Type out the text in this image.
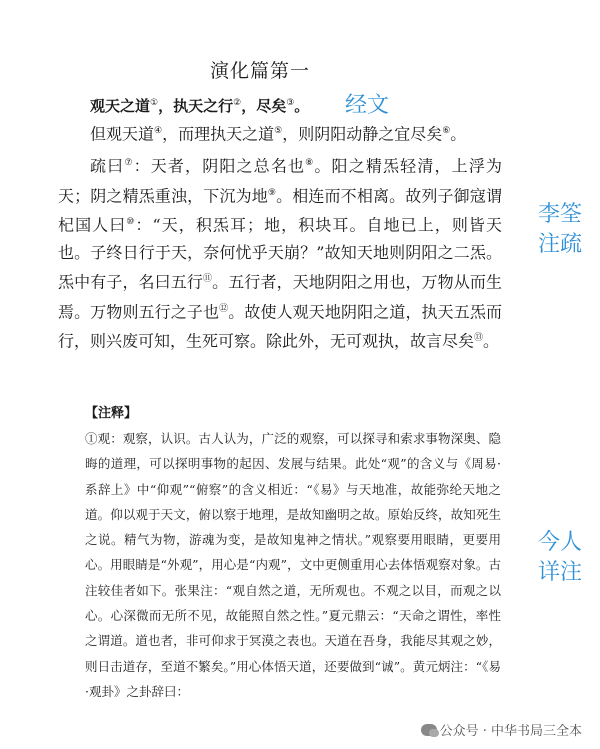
演化篇第一
观天之道①，执天之行②，尽矣③。 经文
但观天道④，而理执天之道⑤，则阴阳动静之宜尽矣⑥。
疏曰⑦：天者，阴阳之总名也⑧。阳之精炁轻清，上浮为天；阴之精炁重浊，下沉为地⑨。相连而不相离。故列子御寇谓杞国人曰⑩：“天，积炁耳；地，积块耳。自地已上，则皆天也。子终日行于天，奈何忧乎天崩？”故知天地则阴阳之二炁。炁中有子，名曰五行⑪。五行者，天地阴阳之用也，万物从而生焉。万物则五行之子也⑫。故使人观天地阴阳之道，执天五炁而行，则兴废可知，生死可察。除此外，无可观执，故言尽矣⑬。
李筌
注疏
【注释】
①观：观察，认识。古人认为，广泛的观察，可以探寻和索求事物深奥、隐晦的道理，可以探明事物的起因、发展与结果。此处“观”的含义与《周易·系辞上》中“仰观”“俯察”的含义相近：“《易》与天地准，故能弥纶天地之道。仰以观于天文，俯以察于地理，是故知幽明之故。原始反终，故知死生之说。精气为物，游魂为变，是故知鬼神之情状。”观察要用眼睛，更要用心。用眼睛是“外观”，用心是“内观”，文中更侧重用心去体悟观察对象。古注较佳者如下。张果注：“观自然之道，无所观也。不观之以目，而观之以心。心深微而无所不见，故能照自然之性。”夏元鼎云：“天命之谓性，率性之谓道。道也者，非可仰求于冥漠之表也。天道在吾身，我能尽其观之妙，则日击道存，至道不繁矣。”用心体悟天道，还要做到“诚”。黄元炳注：“《易·观卦》之卦辞曰：
今人
详注
公众号 · 中华书局三全本
